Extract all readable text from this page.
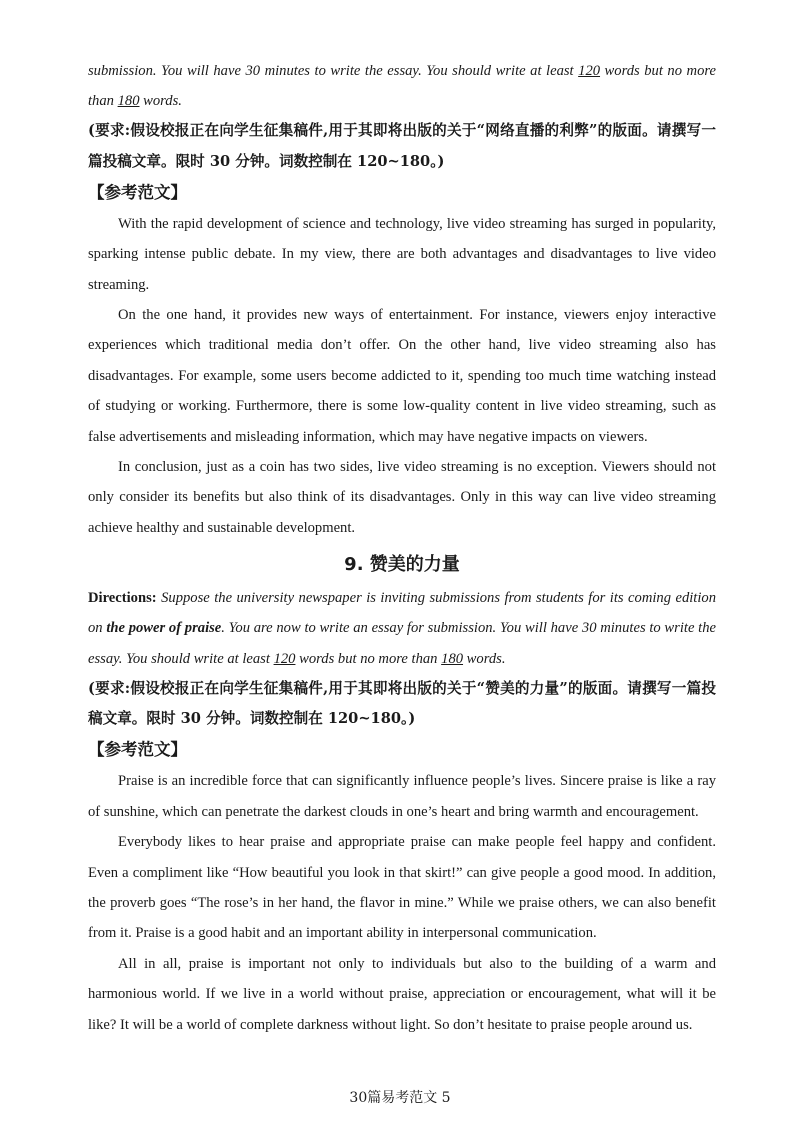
submission. You will have 30 minutes to write the essay. You should write at least 120 words but no more than 180 words.

(要求:假设校报正在向学生征集稿件,用于其即将出版的关于“网络直播的利弊”的版面。请撰写一篇投稿文章。限时 30 分钟。词数控制在 120~180。)

【参考范文】

With the rapid development of science and technology, live video streaming has surged in popularity, sparking intense public debate. In my view, there are both advantages and disadvantages to live video streaming.

On the one hand, it provides new ways of entertainment. For instance, viewers enjoy interactive experiences which traditional media don’t offer. On the other hand, live video streaming also has disadvantages. For example, some users become addicted to it, spending too much time watching instead of studying or working. Furthermore, there is some low-quality content in live video streaming, such as false advertisements and misleading information, which may have negative impacts on viewers.

In conclusion, just as a coin has two sides, live video streaming is no exception. Viewers should not only consider its benefits but also think of its disadvantages. Only in this way can live video streaming achieve healthy and sustainable development.

9. 赞美的力量

Directions: Suppose the university newspaper is inviting submissions from students for its coming edition on the power of praise. You are now to write an essay for submission. You will have 30 minutes to write the essay. You should write at least 120 words but no more than 180 words.

(要求:假设校报正在向学生征集稿件,用于其即将出版的关于“赞美的力量”的版面。请撰写一篇投稿文章。限时 30 分钟。词数控制在 120~180。)

【参考范文】

Praise is an incredible force that can significantly influence people’s lives. Sincere praise is like a ray of sunshine, which can penetrate the darkest clouds in one’s heart and bring warmth and encouragement.

Everybody likes to hear praise and appropriate praise can make people feel happy and confident. Even a compliment like “How beautiful you look in that skirt!” can give people a good mood. In addition, the proverb goes “The rose’s in her hand, the flavor in mine.” While we praise others, we can also benefit from it. Praise is a good habit and an important ability in interpersonal communication.

All in all, praise is important not only to individuals but also to the building of a warm and harmonious world. If we live in a world without praise, appreciation or encouragement, what will it be like? It will be a world of complete darkness without light. So don’t hesitate to praise people around us.

30篇易考范文 5
